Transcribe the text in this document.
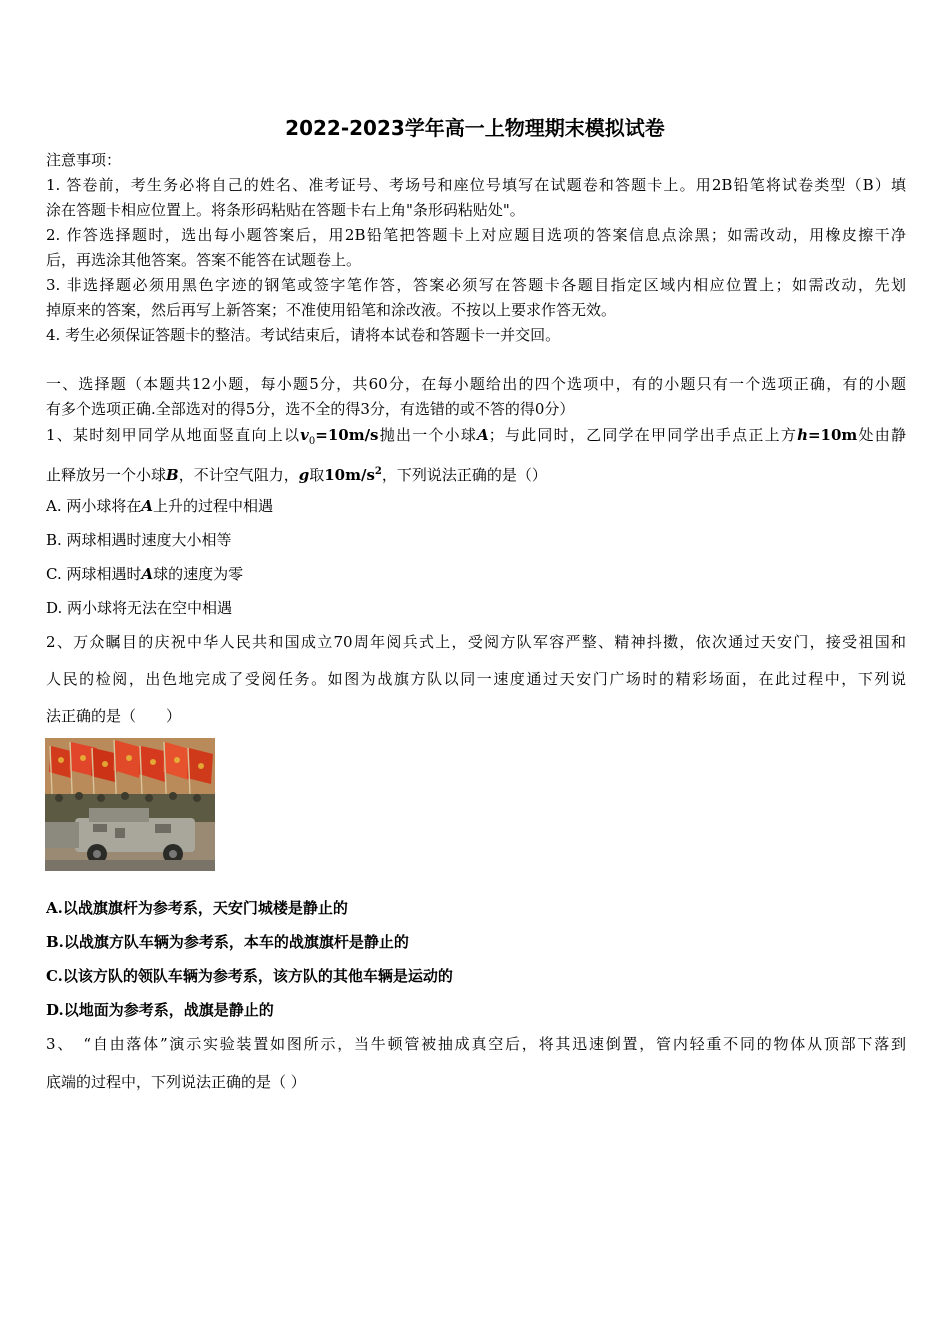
2022-2023学年高一上物理期末模拟试卷
注意事项：
1. 答卷前，考生务必将自己的姓名、准考证号、考场号和座位号填写在试题卷和答题卡上。用2B铅笔将试卷类型（B）填
涂在答题卡相应位置上。将条形码粘贴在答题卡右上角"条形码粘贴处"。
2. 作答选择题时，选出每小题答案后，用2B铅笔把答题卡上对应题目选项的答案信息点涂黑；如需改动，用橡皮擦干净
后，再选涂其他答案。答案不能答在试题卷上。
3. 非选择题必须用黑色字迹的钢笔或签字笔作答，答案必须写在答题卡各题目指定区域内相应位置上；如需改动，先划
掉原来的答案，然后再写上新答案；不准使用铅笔和涂改液。不按以上要求作答无效。
4. 考生必须保证答题卡的整洁。考试结束后，请将本试卷和答题卡一并交回。
一、选择题（本题共12小题，每小题5分，共60分，在每小题给出的四个选项中，有的小题只有一个选项正确，有的小题
有多个选项正确.全部选对的得5分，选不全的得3分，有选错的或不答的得0分）
1、某时刻甲同学从地面竖直向上以$v_0=10m/s$抛出一个小球A；与此同时，乙同学在甲同学出手点正上方h=10m处由静
止释放另一个小球B，不计空气阻力，g取$10m/s^2$，下列说法正确的是（）
A. 两小球将在A上升的过程中相遇
B. 两球相遇时速度大小相等
C. 两球相遇时A球的速度为零
D. 两小球将无法在空中相遇
2、万众瞩目的庆祝中华人民共和国成立70周年阅兵式上，受阅方队军容严整、精神抖擞，依次通过天安门，接受祖国和
人民的检阅，出色地完成了受阅任务。如图为战旗方队以同一速度通过天安门广场时的精彩场面，在此过程中，下列说
法正确的是（　　）
A.以战旗旗杆为参考系，天安门城楼是静止的
B.以战旗方队车辆为参考系，本车的战旗旗杆是静止的
C.以该方队的领队车辆为参考系，该方队的其他车辆是运动的
D.以地面为参考系，战旗是静止的
3、　“自由落体”演示实验装置如图所示，当牛顿管被抽成真空后，将其迅速倒置，管内轻重不同的物体从顶部下落到
底端的过程中，下列说法正确的是（ ）
